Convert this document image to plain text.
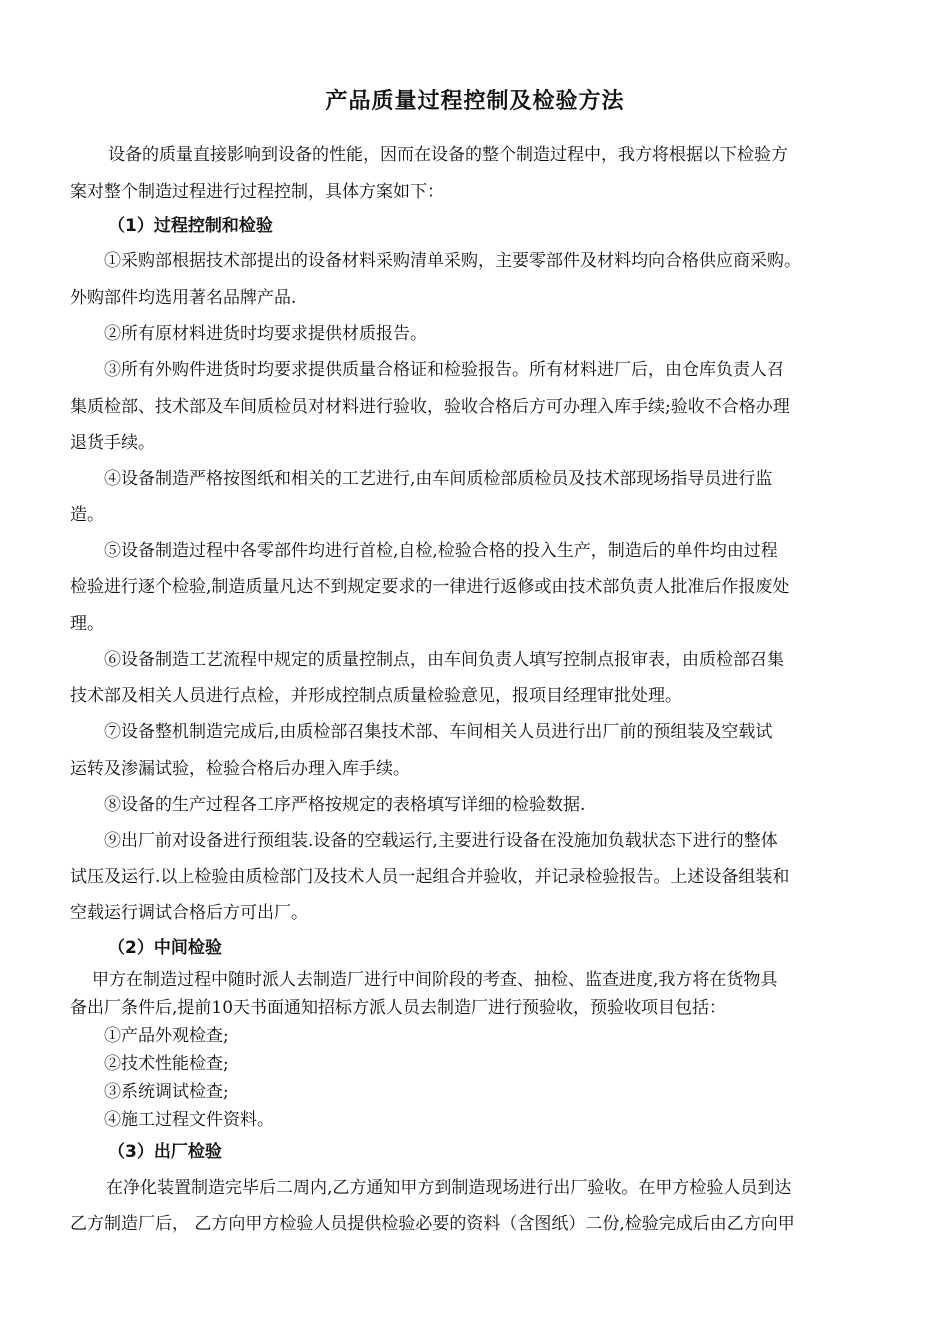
产品质量过程控制及检验方法
设备的质量直接影响到设备的性能，因而在设备的整个制造过程中，我方将根据以下检验方
案对整个制造过程进行过程控制，具体方案如下：
（1）过程控制和检验
①采购部根据技术部提出的设备材料采购清单采购，主要零部件及材料均向合格供应商采购。
外购部件均选用著名品牌产品.
②所有原材料进货时均要求提供材质报告。
③所有外购件进货时均要求提供质量合格证和检验报告。所有材料进厂后，由仓库负责人召
集质检部、技术部及车间质检员对材料进行验收，验收合格后方可办理入库手续;验收不合格办理
退货手续。
④设备制造严格按图纸和相关的工艺进行,由车间质检部质检员及技术部现场指导员进行监
造。
⑤设备制造过程中各零部件均进行首检,自检,检验合格的投入生产，制造后的单件均由过程
检验进行逐个检验,制造质量凡达不到规定要求的一律进行返修或由技术部负责人批准后作报废处
理。
⑥设备制造工艺流程中规定的质量控制点，由车间负责人填写控制点报审表，由质检部召集
技术部及相关人员进行点检，并形成控制点质量检验意见，报项目经理审批处理。
⑦设备整机制造完成后,由质检部召集技术部、车间相关人员进行出厂前的预组装及空载试
运转及渗漏试验，检验合格后办理入库手续。
⑧设备的生产过程各工序严格按规定的表格填写详细的检验数据.
⑨出厂前对设备进行预组装.设备的空载运行,主要进行设备在没施加负载状态下进行的整体
试压及运行.以上检验由质检部门及技术人员一起组合并验收，并记录检验报告。上述设备组装和
空载运行调试合格后方可出厂。
（2）中间检验
甲方在制造过程中随时派人去制造厂进行中间阶段的考查、抽检、监查进度,我方将在货物具
备出厂条件后,提前10天书面通知招标方派人员去制造厂进行预验收，预验收项目包括：
①产品外观检查;
②技术性能检查;
③系统调试检查;
④施工过程文件资料。
（3）出厂检验
在净化装置制造完毕后二周内,乙方通知甲方到制造现场进行出厂验收。在甲方检验人员到达
乙方制造厂后， 乙方向甲方检验人员提供检验必要的资料（含图纸）二份,检验完成后由乙方向甲
